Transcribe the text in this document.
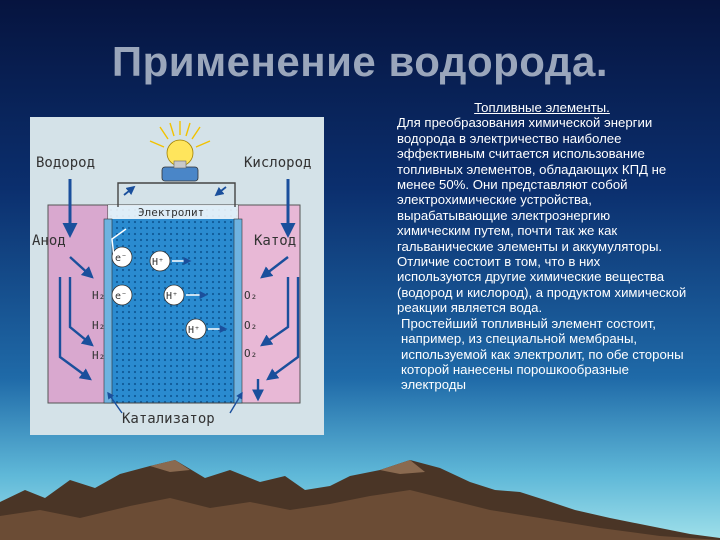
Применение водорода.
Водород	Кислород
Электролит
Анод	Катод
Катализатор
H₂
H₂
H₂
O₂
O₂
O₂
e⁻
e⁻
H⁺
H⁺
H⁺
Топливные элементы.

Для преобразования химической энергии водорода в электричество наиболее эффективным считается использование топливных элементов, обладающих КПД не менее 50%. Они представляют собой электрохимические устройства, вырабатывающие электроэнергию химическим путем, почти так же как гальванические элементы и аккумуляторы. Отличие состоит в том, что в них используются другие химические вещества (водород и кислород), а продуктом химической реакции является вода.

Простейший топливный элемент состоит, например, из специальной мембраны, используемой как электролит, по обе стороны которой нанесены порошкообразные электроды
